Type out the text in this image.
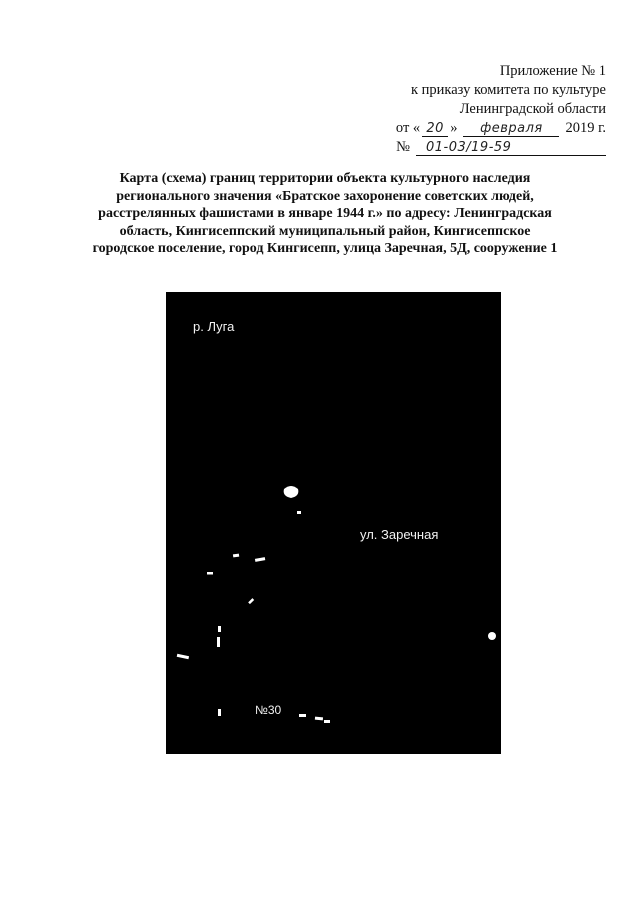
Приложение № 1
к приказу комитета по культуре
Ленинградской области
от « 20 »	февраля	2019 г.
№	01-03/19-59
Карта (схема) границ территории объекта культурного наследия регионального значения «Братское захоронение советских людей, расстрелянных фашистами в январе 1944 г.» по адресу: Ленинградская область, Кингисеппский муниципальный район, Кингисеппское городское поселение, город Кингисепп, улица Заречная, 5Д, сооружение 1
р. Луга
ул. Заречная
№30
